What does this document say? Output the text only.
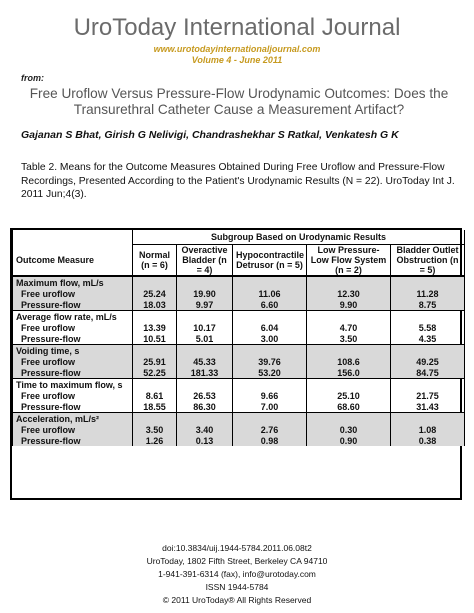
UroToday International Journal
www.urotodayinternationaljournal.com
Volume 4 - June 2011
from:
Free Uroflow Versus Pressure-Flow Urodynamic Outcomes: Does the Transurethral Catheter Cause a Measurement Artifact?
Gajanan S Bhat, Girish G Nelivigi, Chandrashekhar S Ratkal, Venkatesh G K
Table 2. Means for the Outcome Measures Obtained During Free Uroflow and Pressure-Flow Recordings, Presented According to the Patient's Urodynamic Results (N = 22). UroToday Int J. 2011 Jun;4(3).
	Subgroup Based on Urodynamic Results				
Outcome Measure	Normal (n = 6)	Overactive Bladder (n = 4)	Hypocontractile Detrusor (n = 5)	Low Pressure-Low Flow System (n = 2)	Bladder Outlet Obstruction (n = 5)
Maximum flow, mL/s					
Free uroflow	25.24	19.90	11.06	12.30	11.28
Pressure-flow	18.03	9.97	6.60	9.90	8.75
Average flow rate, mL/s					
Free uroflow	13.39	10.17	6.04	4.70	5.58
Pressure-flow	10.51	5.01	3.00	3.50	4.35
Voiding time, s					
Free uroflow	25.91	45.33	39.76	108.6	49.25
Pressure-flow	52.25	181.33	53.20	156.0	84.75
Time to maximum flow, s					
Free uroflow	8.61	26.53	9.66	25.10	21.75
Pressure-flow	18.55	86.30	7.00	68.60	31.43
Acceleration, mL/s²					
Free uroflow	3.50	3.40	2.76	0.30	1.08
Pressure-flow	1.26	0.13	0.98	0.90	0.38
doi:10.3834/uij.1944-5784.2011.06.08t2
UroToday, 1802 Fifth Street, Berkeley CA 94710
1-941-391-6314 (fax), info@urotoday.com
ISSN 1944-5784
© 2011 UroToday® All Rights Reserved
